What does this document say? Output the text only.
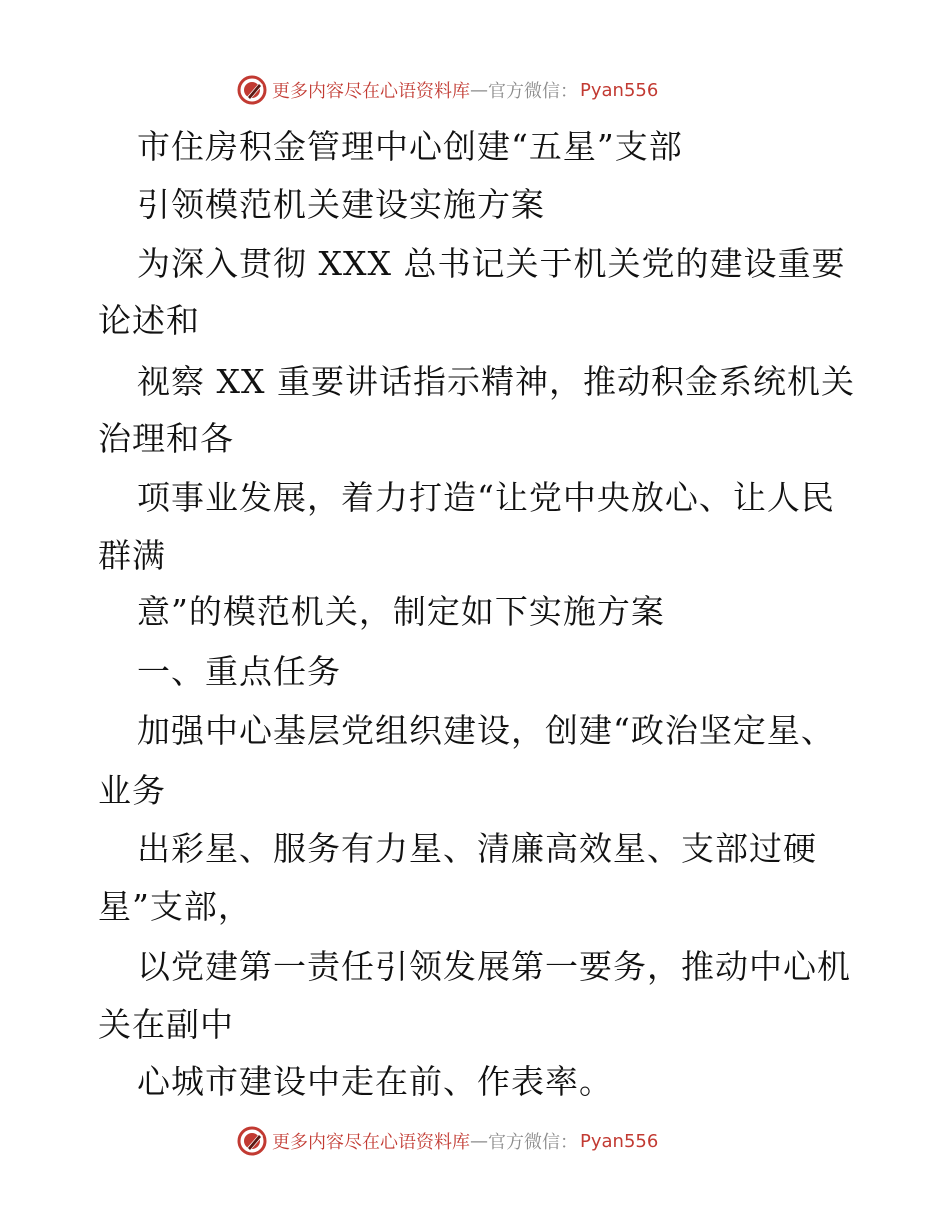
更多内容尽在心语资料库 — 官方微信： Pyan556
市住房积金管理中心创建“五星”支部
引领模范机关建设实施方案
为深入贯彻 XXX 总书记关于机关党的建设重要
论述和
视察 XX 重要讲话指示精神，推动积金系统机关
治理和各
项事业发展，着力打造“让党中央放心、让人民
群满
意”的模范机关，制定如下实施方案
一、重点任务
加强中心基层党组织建设，创建“政治坚定星、
业务
出彩星、服务有力星、清廉高效星、支部过硬
星”支部，
以党建第一责任引领发展第一要务，推动中心机
关在副中
心城市建设中走在前、作表率。
更多内容尽在心语资料库 — 官方微信： Pyan556
